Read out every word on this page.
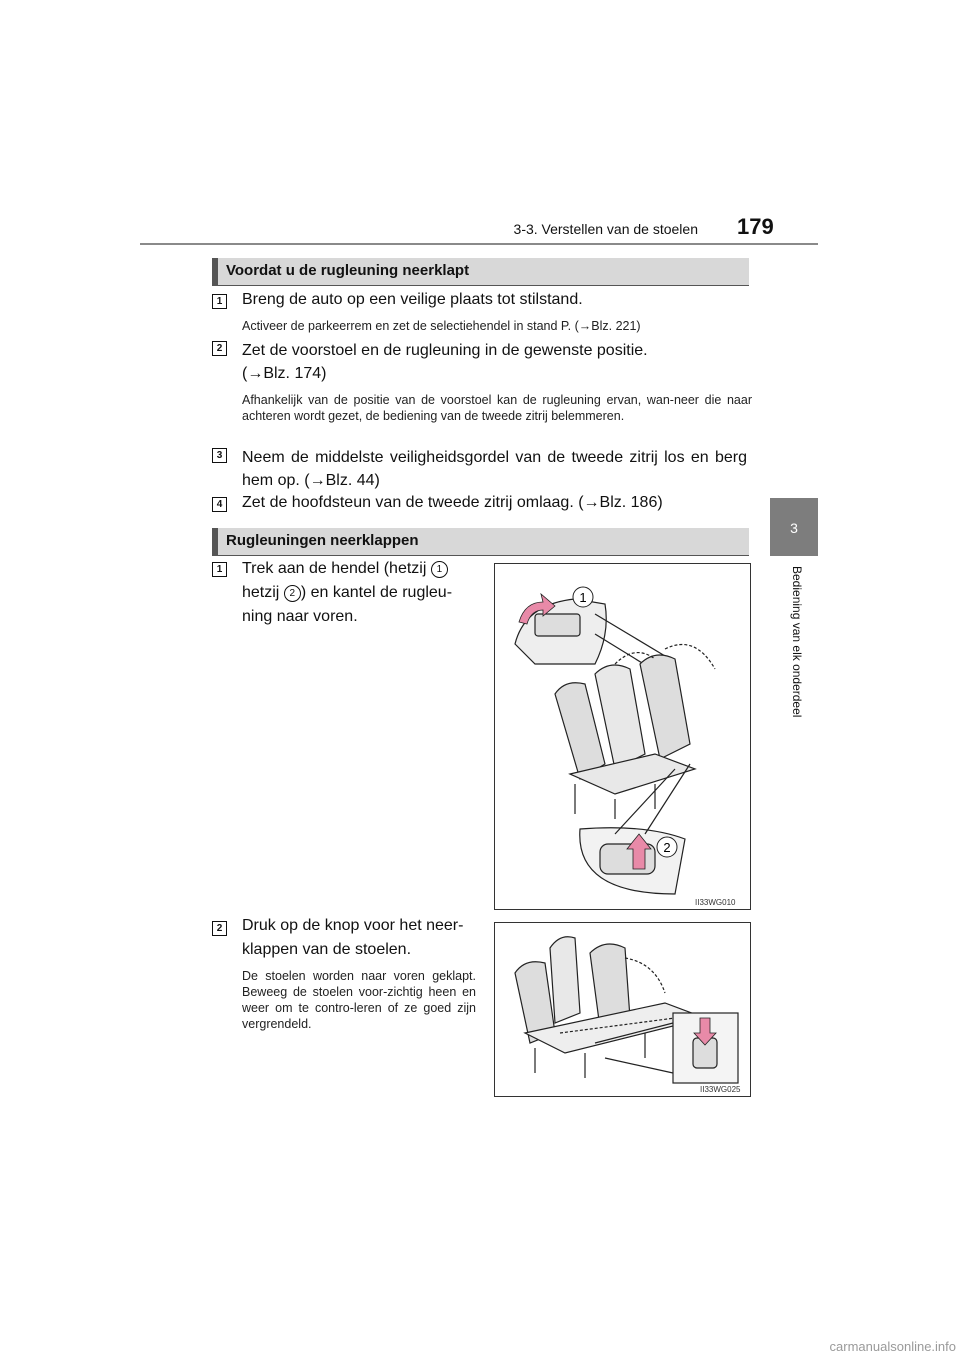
3-3. Verstellen van de stoelen 179
3
Bediening van elk onderdeel
Voordat u de rugleuning neerklapt
1 Breng de auto op een veilige plaats tot stilstand.
Activeer de parkeerrem en zet de selectiehendel in stand P. (→Blz. 221)
2 Zet de voorstoel en de rugleuning in de gewenste positie. (→Blz. 174)
Afhankelijk van de positie van de voorstoel kan de rugleuning ervan, wan-neer die naar achteren wordt gezet, de bediening van de tweede zitrij belemmeren.
3 Neem de middelste veiligheidsgordel van de tweede zitrij los en berg hem op. (→Blz. 44)
4 Zet de hoofdsteun van de tweede zitrij omlaag. (→Blz. 186)
Rugleuningen neerklappen
1 Trek aan de hendel (hetzij 1 hetzij 2 ) en kantel de rugleu-ning naar voren.
1
2
II33WG010
2 Druk op de knop voor het neer-klappen van de stoelen.
De stoelen worden naar voren geklapt. Beweeg de stoelen voor-zichtig heen en weer om te contro-leren of ze goed zijn vergrendeld.
II33WG025
carmanualsonline.info
